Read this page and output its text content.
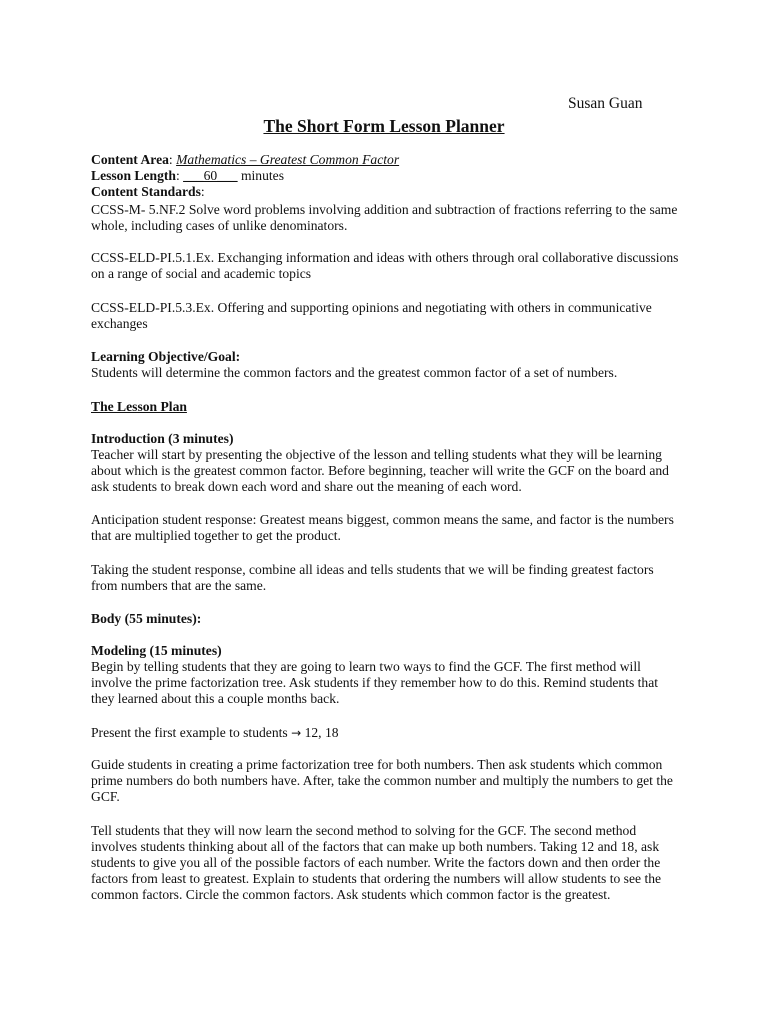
Susan Guan
The Short Form Lesson Planner

Content Area: Mathematics – Greatest Common Factor

Lesson Length: ___60___ minutes

Content Standards:

CCSS-M- 5.NF.2 Solve word problems involving addition and subtraction of fractions referring to the same whole, including cases of unlike denominators.
CCSS-ELD-PI.5.1.Ex. Exchanging information and ideas with others through oral collaborative discussions on a range of social and academic topics
CCSS-ELD-PI.5.3.Ex. Offering and supporting opinions and negotiating with others in communicative exchanges

Learning Objective/Goal:

Students will determine the common factors and the greatest common factor of a set of numbers.

The Lesson Plan

Introduction (3 minutes)

Teacher will start by presenting the objective of the lesson and telling students what they will be learning about which is the greatest common factor. Before beginning, teacher will write the GCF on the board and ask students to break down each word and share out the meaning of each word.

Anticipation student response: Greatest means biggest, common means the same, and factor is the numbers that are multiplied together to get the product.
Taking the student response, combine all ideas and tells students that we will be finding greatest factors from numbers that are the same.
Body (55 minutes):

Modeling (15 minutes)

Begin by telling students that they are going to learn two ways to find the GCF. The first method will involve the prime factorization tree. Ask students if they remember how to do this. Remind students that they learned about this a couple months back.

Present the first example to students → 12, 18
Guide students in creating a prime factorization tree for both numbers. Then ask students which common prime numbers do both numbers have. After, take the common number and multiply the numbers to get the GCF.
Tell students that they will now learn the second method to solving for the GCF. The second method involves students thinking about all of the factors that can make up both numbers. Taking 12 and 18, ask students to give you all of the possible factors of each number. Write the factors down and then order the factors from least to greatest. Explain to students that ordering the numbers will allow students to see the common factors. Circle the common factors. Ask students which common factor is the greatest.
